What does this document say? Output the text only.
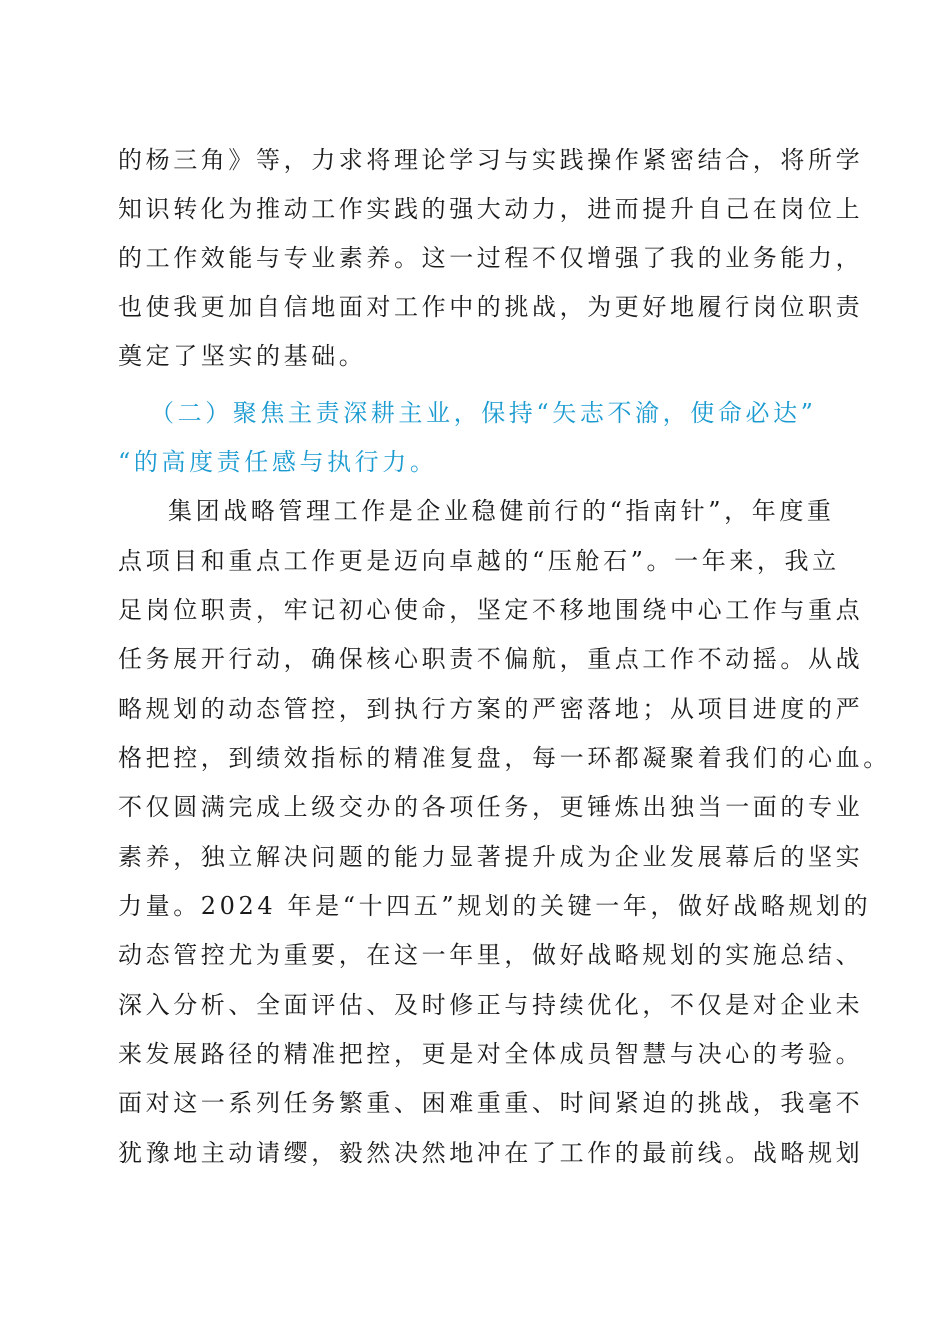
的杨三角》等，力求将理论学习与实践操作紧密结合，将所学
知识转化为推动工作实践的强大动力，进而提升自己在岗位上
的工作效能与专业素养。这一过程不仅增强了我的业务能力，
也使我更加自信地面对工作中的挑战，为更好地履行岗位职责
奠定了坚实的基础。
（二）聚焦主责深耕主业，保持“矢志不渝，使命必达”
“的高度责任感与执行力。
集团战略管理工作是企业稳健前行的“指南针”，年度重
点项目和重点工作更是迈向卓越的“压舱石”。一年来，我立
足岗位职责，牢记初心使命，坚定不移地围绕中心工作与重点
任务展开行动，确保核心职责不偏航，重点工作不动摇。从战
略规划的动态管控，到执行方案的严密落地；从项目进度的严
格把控，到绩效指标的精准复盘，每一环都凝聚着我们的心血。
不仅圆满完成上级交办的各项任务，更锤炼出独当一面的专业
素养，独立解决问题的能力显著提升成为企业发展幕后的坚实
力量。2024 年是“十四五”规划的关键一年，做好战略规划的
动态管控尤为重要，在这一年里，做好战略规划的实施总结、
深入分析、全面评估、及时修正与持续优化，不仅是对企业未
来发展路径的精准把控，更是对全体成员智慧与决心的考验。
面对这一系列任务繁重、困难重重、时间紧迫的挑战，我毫不
犹豫地主动请缨，毅然决然地冲在了工作的最前线。战略规划
